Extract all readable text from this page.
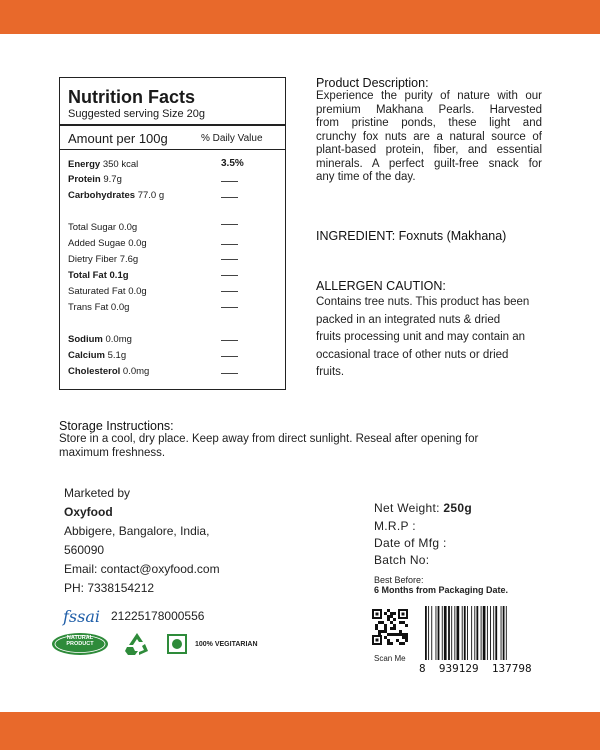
Nutrition Facts
Suggested serving Size 20g
Amount per 100g	% Daily Value
Energy 350 kcal	3.5%
Protein 9.7g
Carbohydrates 77.0 g
Total Sugar 0.0g
Added Sugae 0.0g
Dietry Fiber 7.6g
Total Fat 0.1g
Saturated Fat 0.0g
Trans Fat 0.0g
Sodium 0.0mg
Calcium 5.1g
Cholesterol 0.0mg
Product Description:
Experience the purity of nature with our
premium Makhana Pearls. Harvested
from pristine ponds, these light and
crunchy fox nuts are a natural source of
plant-based protein, fiber, and essential
minerals. A perfect guilt-free snack for
any time of the day.
INGREDIENT: Foxnuts (Makhana)
ALLERGEN CAUTION:
Contains tree nuts. This product has been
packed in an integrated nuts & dried
fruits processing unit and may contain an
occasional trace of other nuts or dried
fruits.
Storage Instructions:
Store in a cool, dry place. Keep away from direct sunlight. Reseal after opening for
maximum freshness.
Marketed by
Oxyfood
Abbigere, Bangalore, India,
560090
Email: contact@oxyfood.com
PH: 7338154212
fssai 21225178000556
NATURAL PRODUCT	100% VEGITARIAN
Net Weight: 250g
M.R.P :
Date of Mfg :
Batch No:
Best Before:
6 Months from Packaging Date.
Scan Me
8  939129  137798
